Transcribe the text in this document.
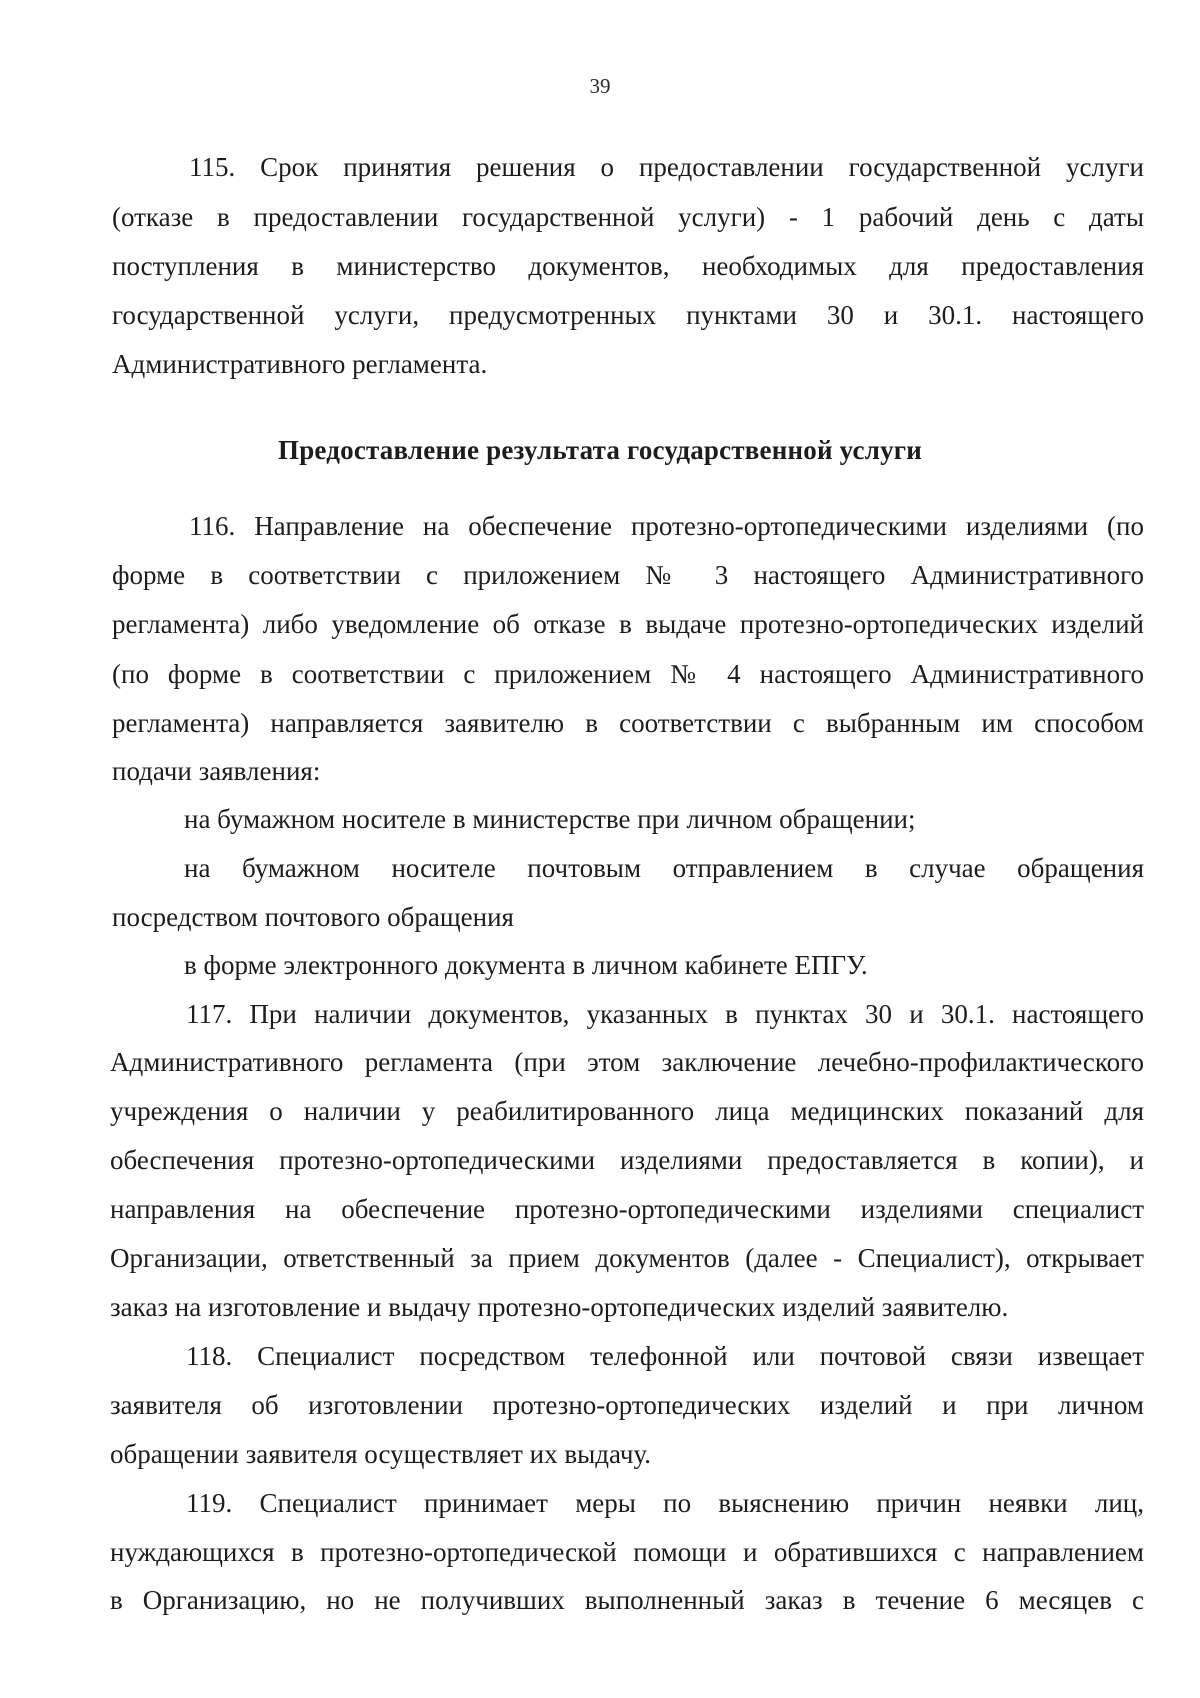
39
Предоставление результата государственной услуги
115. Срок принятия решения о предоставлении государственной услуги
(отказе в предоставлении государственной услуги) - 1 рабочий день с даты
поступления в министерство документов, необходимых для предоставления
государственной услуги, предусмотренных пунктами 30 и 30.1. настоящего
Административного регламента.
116. Направление на обеспечение протезно-ортопедическими изделиями (по
форме в соответствии с приложением № 3 настоящего Административного
регламента) либо уведомление об отказе в выдаче протезно-ортопедических изделий
(по форме в соответствии с приложением № 4 настоящего Административного
регламента) направляется заявителю в соответствии с выбранным им способом
подачи заявления:
на бумажном носителе в министерстве при личном обращении;
на бумажном носителе почтовым отправлением в случае обращения
посредством почтового обращения
в форме электронного документа в личном кабинете ЕПГУ.
117. При наличии документов, указанных в пунктах 30 и 30.1. настоящего
Административного регламента (при этом заключение лечебно-профилактического
учреждения о наличии у реабилитированного лица медицинских показаний для
обеспечения протезно-ортопедическими изделиями предоставляется в копии), и
направления на обеспечение протезно-ортопедическими изделиями специалист
Организации, ответственный за прием документов (далее - Специалист), открывает
заказ на изготовление и выдачу протезно-ортопедических изделий заявителю.
118. Специалист посредством телефонной или почтовой связи извещает
заявителя об изготовлении протезно-ортопедических изделий и при личном
обращении заявителя осуществляет их выдачу.
119. Специалист принимает меры по выяснению причин неявки лиц,
нуждающихся в протезно-ортопедической помощи и обратившихся с направлением
в Организацию, но не получивших выполненный заказ в течение 6 месяцев с
